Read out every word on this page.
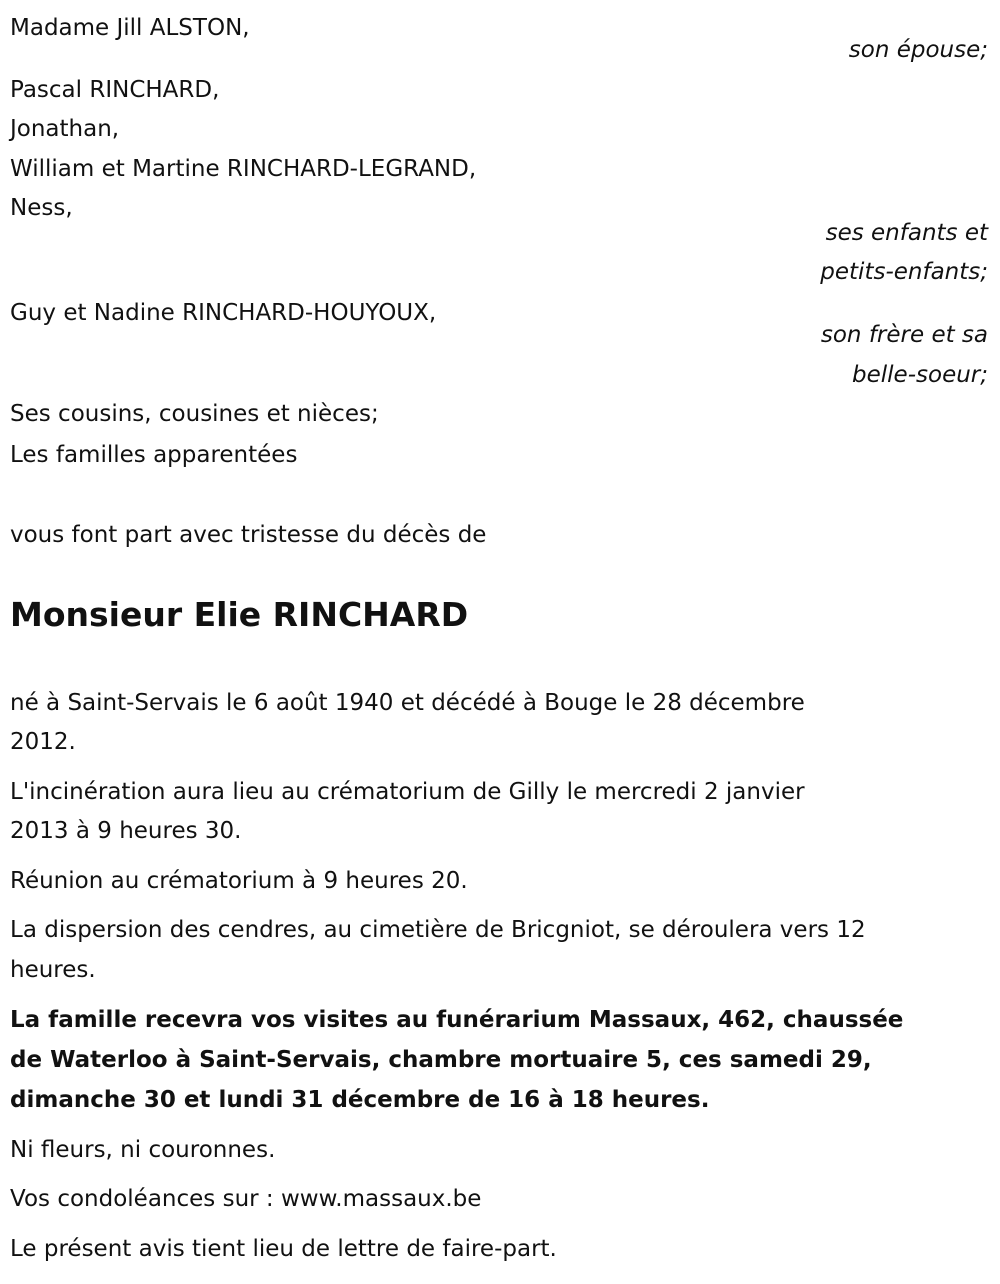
Madame Jill ALSTON,
son épouse;
Pascal RINCHARD,
Jonathan,
William et Martine RINCHARD-LEGRAND,
Ness,
ses enfants et
petits-enfants;
Guy et Nadine RINCHARD-HOUYOUX,
son frère et sa
belle-soeur;
Ses cousins, cousines et nièces;
Les familles apparentées
vous font part avec tristesse du décès de
Monsieur Elie RINCHARD
né à Saint-Servais le 6 août 1940 et décédé à Bouge le 28 décembre
2012.
L'incinération aura lieu au crématorium de Gilly le mercredi 2 janvier
2013 à 9 heures 30.
Réunion au crématorium à 9 heures 20.
La dispersion des cendres, au cimetière de Bricgniot, se déroulera vers 12
heures.
La famille recevra vos visites au funérarium Massaux, 462, chaussée
de Waterloo à Saint-Servais, chambre mortuaire 5, ces samedi 29,
dimanche 30 et lundi 31 décembre de 16 à 18 heures.
Ni fleurs, ni couronnes.
Vos condoléances sur : www.massaux.be
Le présent avis tient lieu de lettre de faire-part.
